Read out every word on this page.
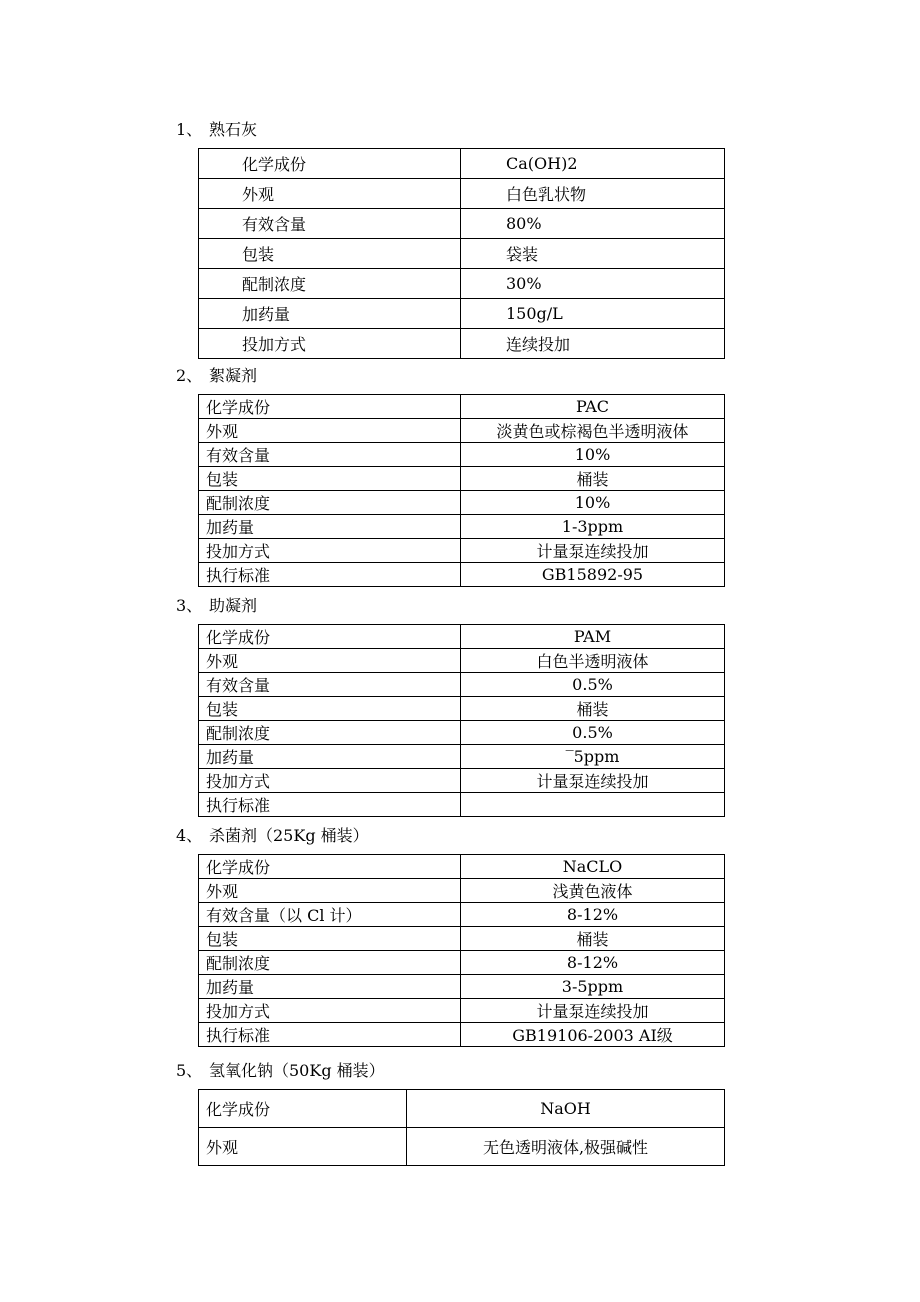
1、 熟石灰
化学成份	Ca(OH)2
外观	白色乳状物
有效含量	80%
包装	袋装
配制浓度	30%
加药量	150g/L
投加方式	连续投加
2、 絮凝剂
化学成份	PAC
外观	淡黄色或棕褐色半透明液体
有效含量	10%
包装	桶装
配制浓度	10%
加药量	1-3ppm
投加方式	计量泵连续投加
执行标准	GB15892-95
3、 助凝剂
化学成份	PAM
外观	白色半透明液体
有效含量	0.5%
包装	桶装
配制浓度	0.5%
加药量	‾5ppm
投加方式	计量泵连续投加
执行标准	
4、 杀菌剂（25Kg 桶装）
化学成份	NaCLO
外观	浅黄色液体
有效含量（以 Cl 计）	8-12%
包装	桶装
配制浓度	8-12%
加药量	3-5ppm
投加方式	计量泵连续投加
执行标准	GB19106-2003 AⅠ级
5、 氢氧化钠（50Kg 桶装）
化学成份	NaOH
外观	无色透明液体,极强碱性
